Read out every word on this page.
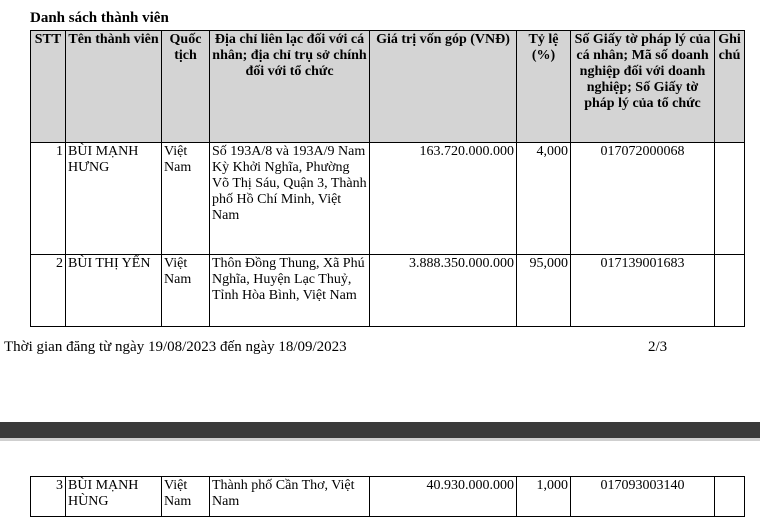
Danh sách thành viên
STT	Tên thành viên	Quốc tịch	Địa chỉ liên lạc đối với cá nhân; địa chỉ trụ sở chính đối với tổ chức	Giá trị vốn góp (VNĐ)	Tỷ lệ (%)	Số Giấy tờ pháp lý của cá nhân; Mã số doanh nghiệp đối với doanh nghiệp; Số Giấy tờ pháp lý của tổ chức	Ghi chú
1	BÙI MẠNH HƯNG	Việt Nam	Số 193A/8 và 193A/9 Nam Kỳ Khởi Nghĩa, Phường Võ Thị Sáu, Quận 3, Thành phố Hồ Chí Minh, Việt Nam	163.720.000.000	4,000	017072000068	
2	BÙI THỊ YẾN	Việt Nam	Thôn Đồng Thung, Xã Phú Nghĩa, Huyện Lạc Thuỷ, Tỉnh Hòa Bình, Việt Nam	3.888.350.000.000	95,000	017139001683	
Thời gian đăng từ ngày 19/08/2023 đến ngày 18/09/2023	2/3
3	BÙI MẠNH HÙNG	Việt Nam	Thành phố Cần Thơ, Việt Nam	40.930.000.000	1,000	017093003140	
